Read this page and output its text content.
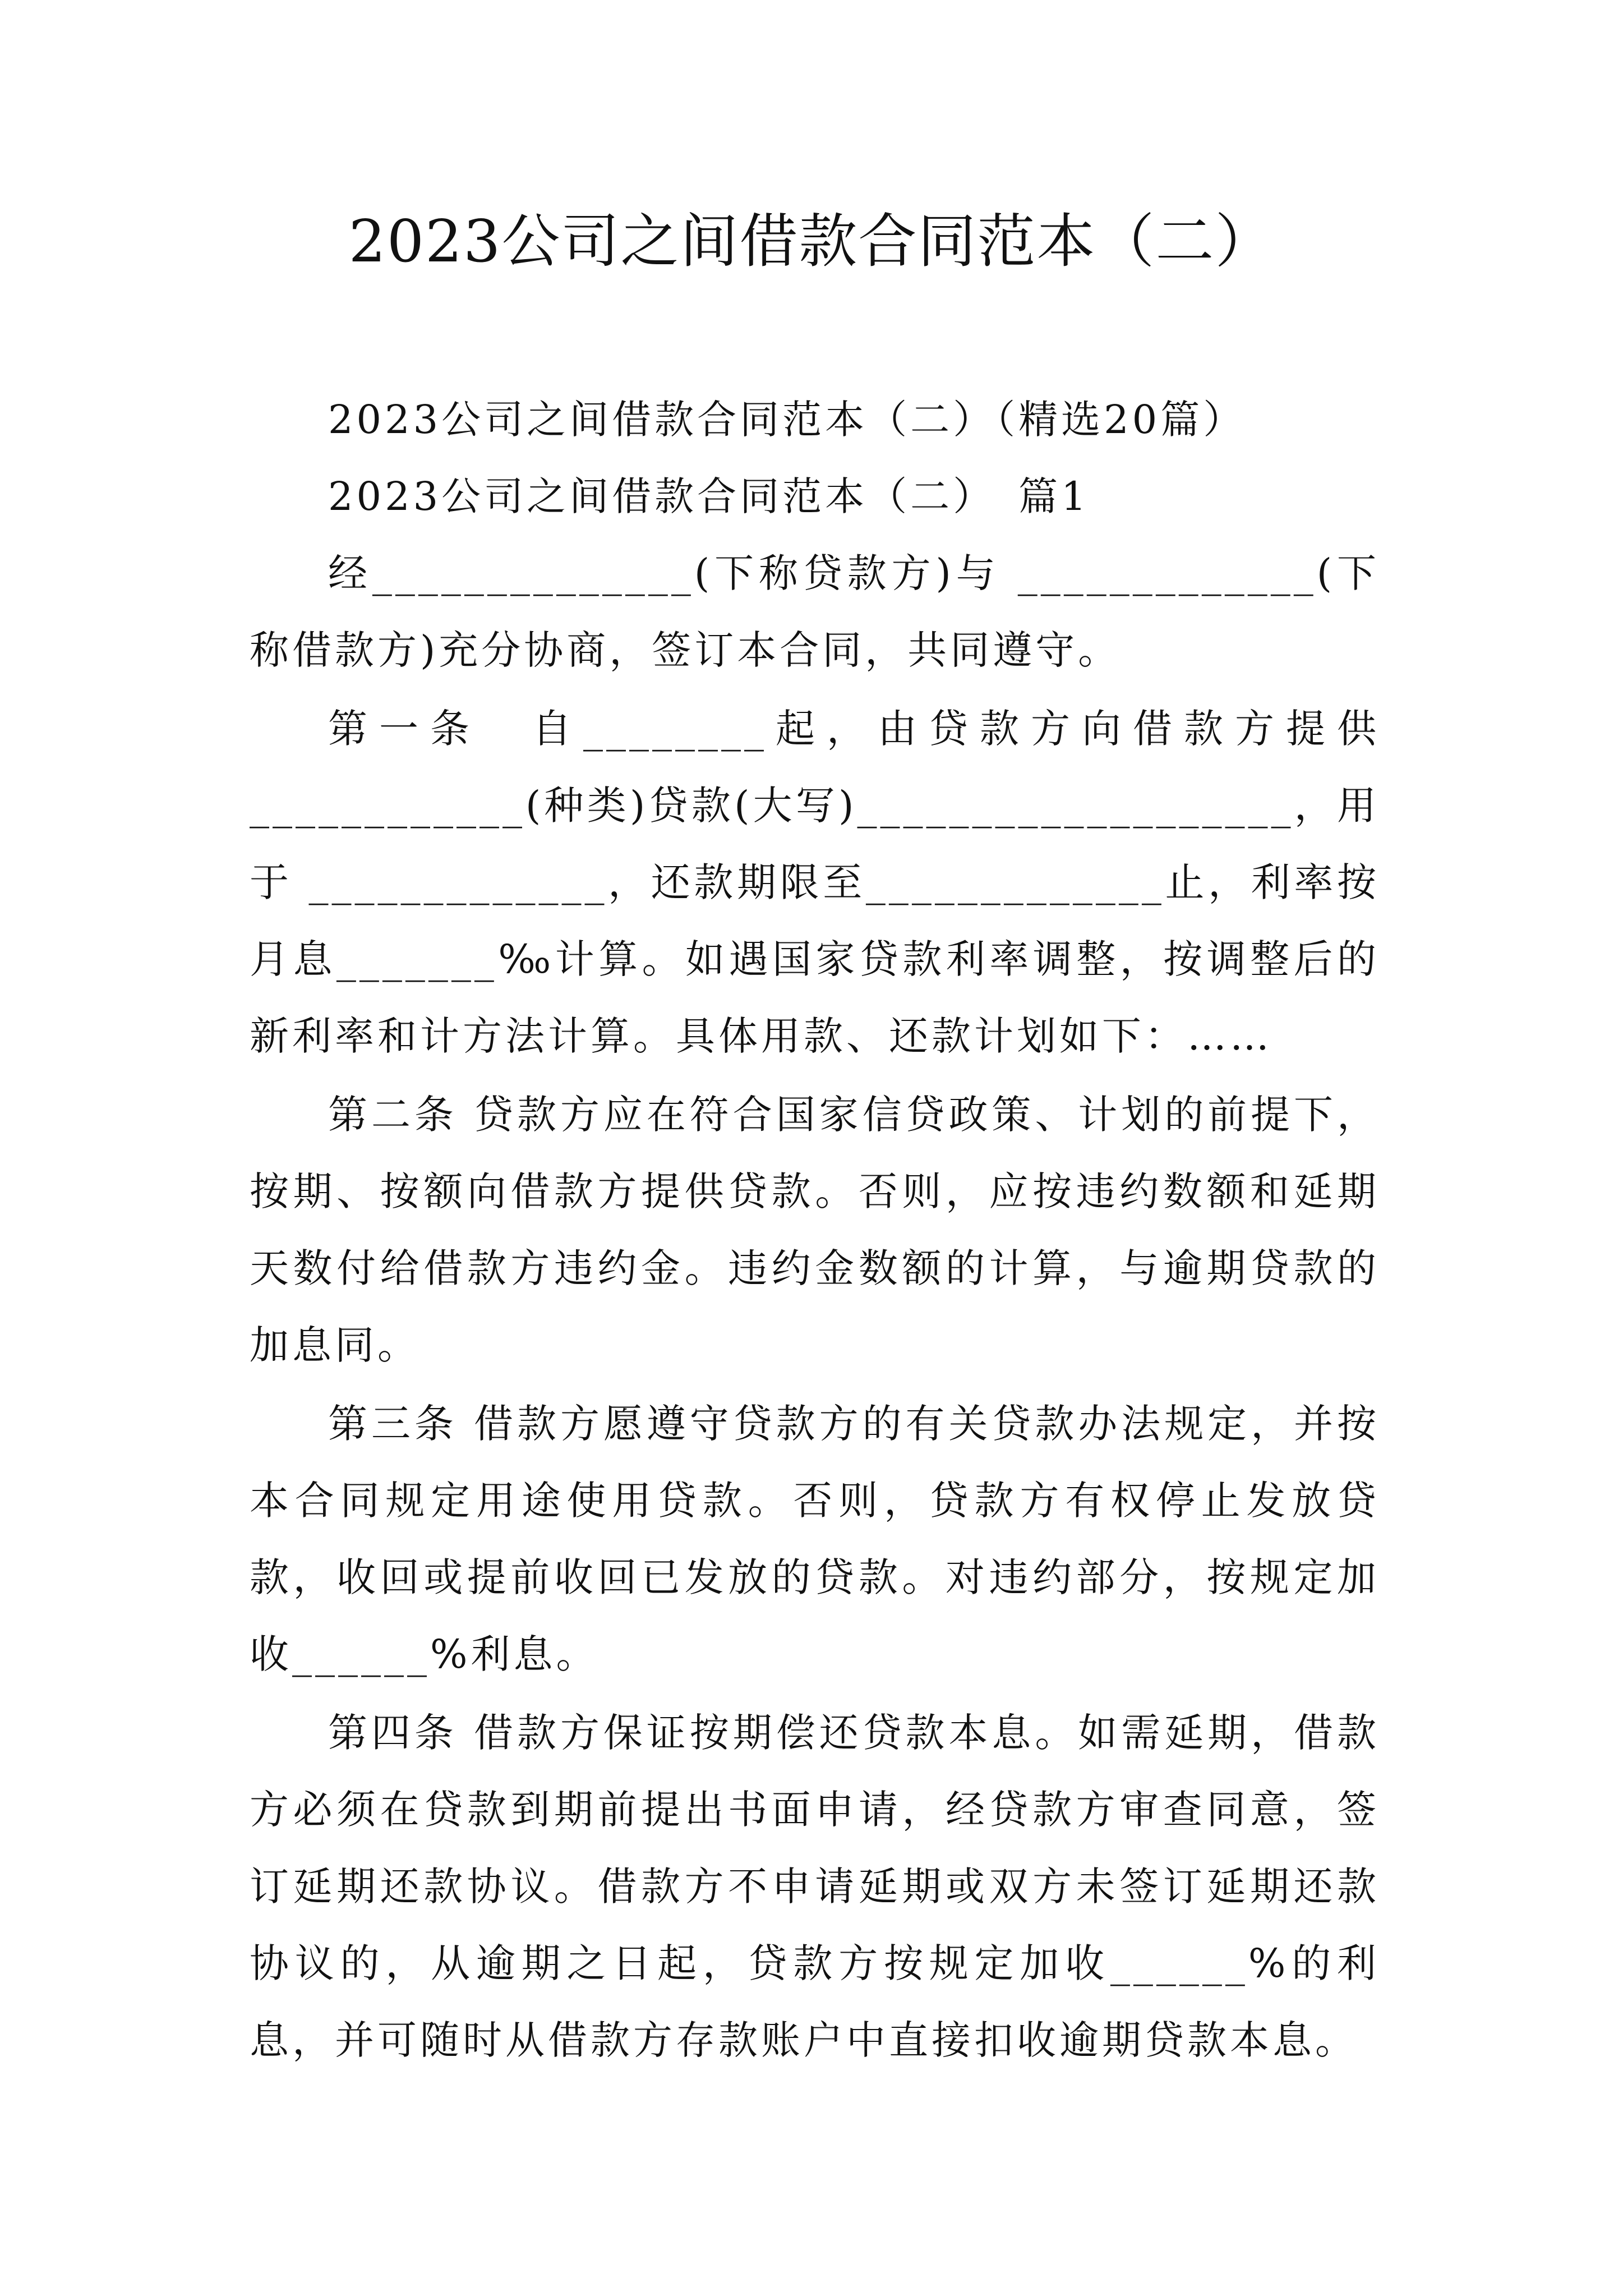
2023公司之间借款合同范本（二）

2023公司之间借款合同范本（二）（精选20篇）

2023公司之间借款合同范本（二）　篇1

经______________(下称贷款方)与 _____________(下称借款方)充分协商，签订本合同，共同遵守。

第一条　自________起，由贷款方向借款方提供____________(种类)贷款(大写)___________________，用于 _____________，还款期限至_____________止，利率按月息_______‰计算。如遇国家贷款利率调整，按调整后的新利率和计方法计算。具体用款、还款计划如下：……

第二条 贷款方应在符合国家信贷政策、计划的前提下，按期、按额向借款方提供贷款。否则，应按违约数额和延期天数付给借款方违约金。违约金数额的计算，与逾期贷款的加息同。

第三条 借款方愿遵守贷款方的有关贷款办法规定，并按本合同规定用途使用贷款。否则，贷款方有权停止发放贷款，收回或提前收回已发放的贷款。对违约部分，按规定加收______%利息。

第四条 借款方保证按期偿还贷款本息。如需延期，借款方必须在贷款到期前提出书面申请，经贷款方审查同意，签订延期还款协议。借款方不申请延期或双方未签订延期还款协议的，从逾期之日起，贷款方按规定加收______%的利息，并可随时从借款方存款账户中直接扣收逾期贷款本息。
